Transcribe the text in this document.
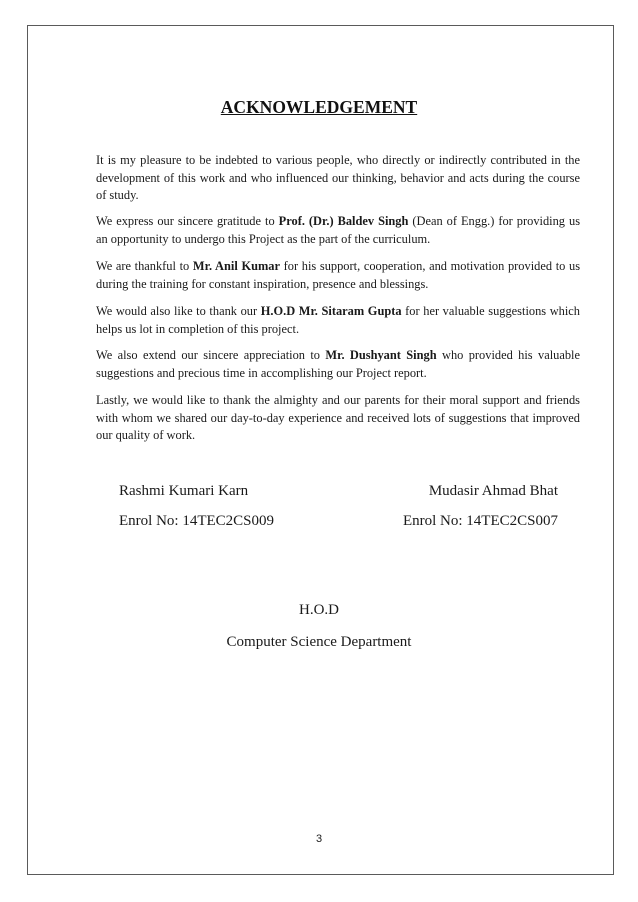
ACKNOWLEDGEMENT

It is my pleasure to be indebted to various people, who directly or indirectly contributed in the development of this work and who influenced our thinking, behavior and acts during the course of study.

We express our sincere gratitude to Prof. (Dr.) Baldev Singh (Dean of Engg.) for providing us an opportunity to undergo this Project as the part of the curriculum.

We are thankful to Mr. Anil Kumar for his support, cooperation, and motivation provided to us during the training for constant inspiration, presence and blessings.

We would also like to thank our H.O.D Mr. Sitaram Gupta for her valuable suggestions which helps us lot in completion of this project.

We also extend our sincere appreciation to Mr. Dushyant Singh who provided his valuable suggestions and precious time in accomplishing our Project report.

Lastly, we would like to thank the almighty and our parents for their moral support and friends with whom we shared our day-to-day experience and received lots of suggestions that improved our quality of work.

Rashmi Kumari Karn
Enrol No: 14TEC2CS009
Mudasir Ahmad Bhat
Enrol No: 14TEC2CS007
H.O.D
Computer Science Department
3
